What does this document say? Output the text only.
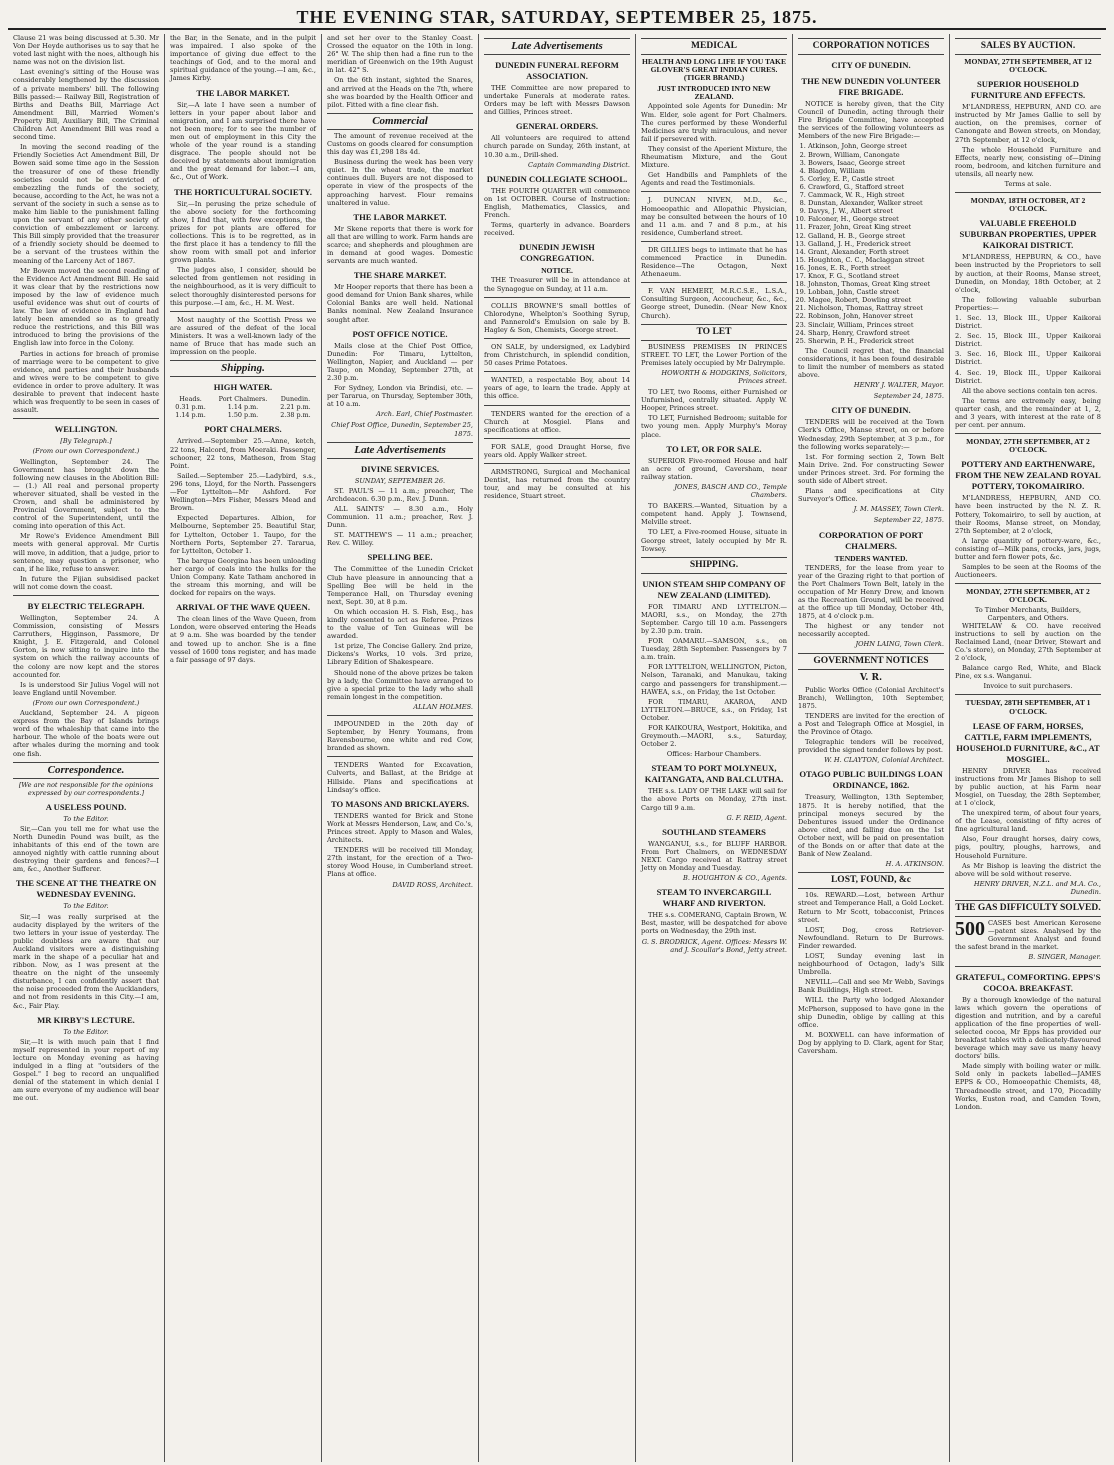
THE EVENING STAR, SATURDAY, SEPTEMBER 25, 1875.

Clause 21 was being discussed at 5.30. Mr Von Der Heyde authorises us to say that he voted last night with the noes, although his name was not on the division list.

Last evening's sitting of the House was considerably lengthened by the discussion of a private members' bill. The following Bills passed:— Railway Bill, Registration of Births and Deaths Bill, Marriage Act Amendment Bill, Married Women's Property Bill, Auxiliary Bill, The Criminal Children Act Amendment Bill was read a second time.

In moving the second reading of the Friendly Societies Act Amendment Bill, Dr Bowen said some time ago in the Session the treasurer of one of these friendly societies could not be convicted of embezzling the funds of the society, because, according to the Act, he was not a servant of the society in such a sense as to make him liable to the punishment falling upon the servant of any other society of conviction of embezzlement or larceny. This Bill simply provided that the treasurer of a friendly society should be deemed to be a servant of the trustees within the meaning of the Larceny Act of 1867.

Mr Bowen moved the second reading of the Evidence Act Amendment Bill. He said it was clear that by the restrictions now imposed by the law of evidence much useful evidence was shut out of courts of law. The law of evidence in England had lately been amended so as to greatly reduce the restrictions, and this Bill was introduced to bring the provisions of the English law into force in the Colony.

Parties in actions for breach of promise of marriage were to be competent to give evidence, and parties and their husbands and wives were to be competent to give evidence in order to prove adultery. It was desirable to prevent that indecent haste which was frequently to be seen in cases of assault.

WELLINGTON.
[By Telegraph.]
(From our own Correspondent.)

Wellington, September 24. The Government has brought down the following new clauses in the Abolition Bill:— (1.) All real and personal property wherever situated, shall be vested in the Crown, and shall be administered by Provincial Government, subject to the control of the Superintendent, until the coming into operation of this Act.

Mr Rowe's Evidence Amendment Bill meets with general approval. Mr Curtis will move, in addition, that a judge, prior to sentence, may question a prisoner, who can, if he like, refuse to answer.

In future the Fijian subsidised packet will not come down the coast.

BY ELECTRIC TELEGRAPH.

Wellington, September 24. A Commission, consisting of Messrs Carruthers, Higginson, Passmore, Dr Knight, J. E. Fitzgerald, and Colonel Gorton, is now sitting to inquire into the system on which the railway accounts of the colony are now kept and the stores accounted for.

Is is understood Sir Julius Vogel will not leave England until November.

(From our own Correspondent.)

Auckland, September 24. A pigeon express from the Bay of Islands brings word of the whaleship that came into the harbour. The whole of the boats were out after whales during the morning and took one fish.

Correspondence.
[We are not responsible for the opinions expressed by our correspondents.]
A USELESS POUND.
To the Editor.

Sir,—Can you tell me for what use the North Dunedin Pound was built, as the inhabitants of this end of the town are annoyed nightly with cattle running about destroying their gardens and fences?—I am, &c., Another Sufferer.

THE SCENE AT THE THEATRE ON WEDNESDAY EVENING.
To the Editor.

Sir,—I was really surprised at the audacity displayed by the writers of the two letters in your issue of yesterday. The public doubtless are aware that our Auckland visitors were a distinguishing mark in the shape of a peculiar hat and ribbon. Now, as I was present at the theatre on the night of the unseemly disturbance, I can confidently assert that the noise proceeded from the Aucklanders, and not from residents in this City.—I am, &c., Fair Play.

MR KIRBY'S LECTURE.
To the Editor.

Sir,—It is with much pain that I find myself represented in your report of my lecture on Monday evening as having indulged in a fling at "outsiders of the Gospel." I beg to record an unqualified denial of the statement in which denial I am sure everyone of my audience will bear me out.

the Bar, in the Senate, and in the pulpit was impaired. I also spoke of the importance of giving due effect to the teachings of God, and to the moral and spiritual guidance of the young.—I am, &c., James Kirby.

THE LABOR MARKET.

Sir,—A late I have seen a number of letters in your paper about labor and emigration, and I am surprised there have not been more; for to see the number of men out of employment in this City the whole of the year round is a standing disgrace. The people should not be deceived by statements about immigration and the great demand for labor.—I am, &c., Out of Work.

THE HORTICULTURAL SOCIETY.

Sir,—In perusing the prize schedule of the above society for the forthcoming show, I find that, with few exceptions, the prizes for pot plants are offered for collections. This is to be regretted, as in the first place it has a tendency to fill the show room with small pot and inferior grown plants.

The judges also, I consider, should be selected from gentlemen not residing in the neighbourhood, as it is very difficult to select thoroughly disinterested persons for this purpose.—I am, &c., H. M. West.

Most naughty of the Scottish Press we are assured of the defeat of the local Ministers. It was a well-known lady of the name of Bruce that has made such an impression on the people.

Shipping.
HIGH WATER.
Heads.	Port Chalmers.	Dunedin.
0.31 p.m.	1.14 p.m.	2.21 p.m.
1.14 p.m.	1.50 p.m.	2.38 p.m.
PORT CHALMERS.

Arrived.—September 25.—Anne, ketch, 22 tons, Halcord, from Moeraki. Passenger, schooner, 22 tons, Matheson, from Stag Point.

Sailed.—September 25.—Ladybird, s.s., 296 tons, Lloyd, for the North. Passengers—For Lyttelton—Mr Ashford. For Wellington—Mrs Fisher, Messrs Mead and Brown.

Expected Departures. Albion, for Melbourne, September 25. Beautiful Star, for Lyttelton, October 1. Taupo, for the Northern Ports, September 27. Tararua, for Lyttelton, October 1.

The barque Georgina has been unloading her cargo of coals into the hulks for the Union Company. Kate Tatham anchored in the stream this morning, and will be docked for repairs on the ways.

ARRIVAL OF THE WAVE QUEEN.

The clean lines of the Wave Queen, from London, were observed entering the Heads at 9 a.m. She was boarded by the tender and towed up to anchor. She is a fine vessel of 1600 tons register, and has made a fair passage of 97 days.

and set her over to the Stanley Coast. Crossed the equator on the 10th in long. 26° W. The ship then had a fine run to the meridian of Greenwich on the 19th August in lat. 42° S.

On the 6th instant, sighted the Snares, and arrived at the Heads on the 7th, where she was boarded by the Health Officer and pilot. Fitted with a fine clear fish.

Commercial

The amount of revenue received at the Customs on goods cleared for consumption this day was £1,298 18s 4d.

Business during the week has been very quiet. In the wheat trade, the market continues dull. Buyers are not disposed to operate in view of the prospects of the approaching harvest. Flour remains unaltered in value.

THE LABOR MARKET.

Mr Skene reports that there is work for all that are willing to work. Farm hands are scarce; and shepherds and ploughmen are in demand at good wages. Domestic servants are much wanted.

THE SHARE MARKET.

Mr Hooper reports that there has been a good demand for Union Bank shares, while Colonial Banks are well held. National Banks nominal. New Zealand Insurance sought after.

POST OFFICE NOTICE.

Mails close at the Chief Post Office, Dunedin: For Timaru, Lyttelton, Wellington, Napier, and Auckland — per Taupo, on Monday, September 27th, at 2.30 p.m.

For Sydney, London via Brindisi, etc. — per Tararua, on Thursday, September 30th, at 10 a.m.

Arch. Earl, Chief Postmaster.
Chief Post Office, Dunedin, September 25, 1875.
Late Advertisements
DIVINE SERVICES.
SUNDAY, SEPTEMBER 26.

ST. PAUL'S — 11 a.m.; preacher, The Archdeacon. 6.30 p.m., Rev. J. Dunn.

ALL SAINTS' — 8.30 a.m., Holy Communion. 11 a.m.; preacher, Rev. J. Dunn.

ST. MATTHEW'S — 11 a.m.; preacher, Rev. C. Willey.

SPELLING BEE.

The Committee of the Lunedin Cricket Club have pleasure in announcing that a Spelling Bee will be held in the Temperance Hall, on Thursday evening next, Sept. 30, at 8 p.m.

On which occasion H. S. Fish, Esq., has kindly consented to act as Referee. Prizes to the value of Ten Guineas will be awarded.

1st prize, The Concise Gallery. 2nd prize, Dickens's Works, 10 vols. 3rd prize, Library Edition of Shakespeare.

Should none of the above prizes be taken by a lady, the Committee have arranged to give a special prize to the lady who shall remain longest in the competition.

ALLAN HOLMES.

IMPOUNDED in the 20th day of September, by Henry Youmans, from Ravensbourne, one white and red Cow, branded as shown.

TENDERS Wanted for Excavation, Culverts, and Ballast, at the Bridge at Hillside. Plans and specifications at Lindsay's office.

TO MASONS AND BRICKLAYERS.

TENDERS wanted for Brick and Stone Work at Messrs Henderson, Law, and Co.'s, Princes street. Apply to Mason and Wales, Architects.

TENDERS will be received till Monday, 27th instant, for the erection of a Two-storey Wood House, in Cumberland street. Plans at office.

DAVID ROSS, Architect.
Late Advertisements
DUNEDIN FUNERAL REFORM ASSOCIATION.

THE Committee are now prepared to undertake Funerals at moderate rates. Orders may be left with Messrs Dawson and Gillies, Princes street.

GENERAL ORDERS.

All volunteers are required to attend church parade on Sunday, 26th instant, at 10.30 a.m., Drill-shed.

Captain Commanding District.
DUNEDIN COLLEGIATE SCHOOL.

THE FOURTH QUARTER will commence on 1st OCTOBER. Course of Instruction: English, Mathematics, Classics, and French.

Terms, quarterly in advance. Boarders received.

DUNEDIN JEWISH CONGREGATION.
NOTICE.

THE Treasurer will be in attendance at the Synagogue on Sunday, at 11 a.m.

COLLIS BROWNE'S small bottles of Chlorodyne, Whelpton's Soothing Syrup, and Pannerold's Emulsion on sale by B. Hagley & Son, Chemists, George street.

ON SALE, by undersigned, ex Ladybird from Christchurch, in splendid condition, 50 cases Prime Potatoes.

WANTED, a respectable Boy, about 14 years of age, to learn the trade. Apply at this office.

TENDERS wanted for the erection of a Church at Mosgiel. Plans and specifications at office.

FOR SALE, good Draught Horse, five years old. Apply Walker street.

ARMSTRONG, Surgical and Mechanical Dentist, has returned from the country tour, and may be consulted at his residence, Stuart street.

MEDICAL
HEALTH AND LONG LIFE IF YOU TAKE GLOVER'S GREAT INDIAN CURES. (TIGER BRAND.)
JUST INTRODUCED INTO NEW ZEALAND.

Appointed sole Agents for Dunedin: Mr Wm. Elder, sole agent for Port Chalmers. The cures performed by these Wonderful Medicines are truly miraculous, and never fail if persevered with.

They consist of the Aperient Mixture, the Rheumatism Mixture, and the Gout Mixture.

Get Handbills and Pamphlets of the Agents and read the Testimonials.

J. DUNCAN NIVEN, M.D., &c., Homoeopathic and Allopathic Physician, may be consulted between the hours of 10 and 11 a.m. and 7 and 8 p.m., at his residence, Cumberland street.

DR GILLIES begs to intimate that he has commenced Practice in Dunedin. Residence—The Octagon, Next Athenaeum.

F. VAN HEMERT, M.R.C.S.E., L.S.A., Consulting Surgeon, Accoucheur, &c., &c., George street, Dunedin. (Near New Knox Church).

TO LET

BUSINESS PREMISES IN PRINCES STREET. TO LET, the Lower Portion of the Premises lately occupied by Mr Dalrymple.

HOWORTH & HODGKINS, Solicitors, Princes street.

TO LET, two Rooms, either Furnished or Unfurnished, centrally situated. Apply W. Hooper, Princes street.

TO LET, Furnished Bedroom; suitable for two young men. Apply Murphy's Moray place.

TO LET, OR FOR SALE.

SUPERIOR Five-roomed House and half an acre of ground, Caversham, near railway station.

JONES, BASCH AND CO., Temple Chambers.

TO BAKERS.—Wanted, Situation by a competent hand. Apply J. Townsend, Melville street.

TO LET, a Five-roomed House, situate in George street, lately occupied by Mr R. Towsey.

SHIPPING.
UNION STEAM SHIP COMPANY OF NEW ZEALAND (LIMITED).

FOR TIMARU AND LYTTELTON.—MAORI, s.s., on Monday, the 27th September. Cargo till 10 a.m. Passengers by 2.30 p.m. train.

FOR OAMARU.—SAMSON, s.s., on Tuesday, 28th September. Passengers by 7 a.m. train.

FOR LYTTELTON, WELLINGTON, Picton, Nelson, Taranaki, and Manukau, taking cargo and passengers for transhipment.—HAWEA, s.s., on Friday, the 1st October.

FOR TIMARU, AKAROA, AND LYTTELTON.—BRUCE, s.s., on Friday, 1st October.

FOR KAIKOURA, Westport, Hokitika, and Greymouth.—MAORI, s.s., Saturday, October 2.

Offices: Harbour Chambers.
STEAM TO PORT MOLYNEUX, KAITANGATA, AND BALCLUTHA.

THE s.s. LADY OF THE LAKE will sail for the above Ports on Monday, 27th inst. Cargo till 9 a.m.

G. F. REID, Agent.
SOUTHLAND STEAMERS

WANGANUI, s.s., for BLUFF HARBOR. From Port Chalmers, on WEDNESDAY NEXT. Cargo received at Rattray street Jetty on Monday and Tuesday.

B. HOUGHTON & CO., Agents.
STEAM TO INVERCARGILL WHARF AND RIVERTON.

THE s.s. COMERANG, Captain Brown, W. Best, master, will be despatched for above ports on Wednesday, the 29th inst.

G. S. BRODRICK, Agent. Offices: Messrs W. and J. Scoullar's Bond, Jetty street.
CORPORATION NOTICES
CITY OF DUNEDIN.
THE NEW DUNEDIN VOLUNTEER FIRE BRIGADE.

NOTICE is hereby given, that the City Council of Dunedin, acting through their Fire Brigade Committee, have accepted the services of the following volunteers as Members of the new Fire Brigade:—

1. Atkinson, John, George street
2. Brown, William, Canongate
3. Bowers, Isaac, George street
4. Blagdon, William
5. Corley, E. P., Castle street
6. Crawford, G., Stafford street
7. Cammack, W. R., High street
8. Dunstan, Alexander, Walker street
9. Davys, J. W., Albert street
10. Falconer, H., George street
11. Frazer, John, Great King street
12. Galland, H. B., George street
13. Galland, J. H., Frederick street
14. Grant, Alexander, Forth street
15. Houghton, C. C., Maclaggan street
16. Jones, E. R., Forth street
17. Knox, F. G., Scotland street
18. Johnston, Thomas, Great King street
19. Lobban, John, Castle street
20. Magee, Robert, Dowling street
21. Nicholson, Thomas, Rattray street
22. Robinson, John, Hanover street
23. Sinclair, William, Princes street
24. Sharp, Henry, Crawford street
25. Sherwin, P. H., Frederick street

The Council regret that, the financial considerations, it has been found desirable to limit the number of members as stated above.

HENRY J. WALTER, Mayor.
September 24, 1875.
CITY OF DUNEDIN.

TENDERS will be received at the Town Clerk's Office, Manse street, on or before Wednesday, 29th September, at 3 p.m., for the following works separately:—

1st. For forming section 2, Town Belt Main Drive. 2nd. For constructing Sewer under Princes street. 3rd. For forming the south side of Albert street.

Plans and specifications at City Surveyor's Office.

J. M. MASSEY, Town Clerk.
September 22, 1875.
CORPORATION OF PORT CHALMERS.
TENDERS WANTED.

TENDERS, for the lease from year to year of the Grazing right to that portion of the Port Chalmers Town Belt, lately in the occupation of Mr Henry Drew, and known as the Recreation Ground, will be received at the office up till Monday, October 4th, 1875, at 4 o'clock p.m.

The highest or any tender not necessarily accepted.

JOHN LAING, Town Clerk.
GOVERNMENT NOTICES
V. R.

Public Works Office (Colonial Architect's Branch), Wellington, 10th September, 1875.

TENDERS are invited for the erection of a Post and Telegraph Office at Mosgiel, in the Province of Otago.

Telegraphic tenders will be received, provided the signed tender follows by post.

W. H. CLAYTON, Colonial Architect.
OTAGO PUBLIC BUILDINGS LOAN ORDINANCE, 1862.

Treasury, Wellington, 13th September, 1875. It is hereby notified, that the principal moneys secured by the Debentures issued under the Ordinance above cited, and falling due on the 1st October next, will be paid on presentation of the Bonds on or after that date at the Bank of New Zealand.

H. A. ATKINSON.
LOST, FOUND, &c

10s. REWARD.—Lost, between Arthur street and Temperance Hall, a Gold Locket. Return to Mr Scott, tobacconist, Princes street.

LOST, Dog, cross Retriever-Newfoundland. Return to Dr Burrows. Finder rewarded.

LOST, Sunday evening last in neighbourhood of Octagon, lady's Silk Umbrella.

NEVILL—Call and see Mr Webb, Savings Bank Buildings, High street.

WILL the Party who lodged Alexander McPherson, supposed to have gone in the ship Dunedin, oblige by calling at this office.

M. BOXWELL can have information of Dog by applying to D. Clark, agent for Star, Caversham.

SALES BY AUCTION.
MONDAY, 27TH SEPTEMBER, AT 12 O'CLOCK.
SUPERIOR HOUSEHOLD FURNITURE AND EFFECTS.

M'LANDRESS, HEPBURN, AND CO. are instructed by Mr James Gallie to sell by auction, on the premises, corner of Canongate and Bowen streets, on Monday, 27th September, at 12 o'clock,

The whole Household Furniture and Effects, nearly new, consisting of—Dining room, bedroom, and kitchen furniture and utensils, all nearly new.

Terms at sale.
MONDAY, 18TH OCTOBER, AT 2 O'CLOCK.
VALUABLE FREEHOLD SUBURBAN PROPERTIES, UPPER KAIKORAI DISTRICT.

M'LANDRESS, HEPBURN, & CO., have been instructed by the Proprietors to sell by auction, at their Rooms, Manse street, Dunedin, on Monday, 18th October, at 2 o'clock,

The following valuable suburban Properties:—

1. Sec. 13, Block III., Upper Kaikorai District.

2. Sec. 15, Block III., Upper Kaikorai District.

3. Sec. 16, Block III., Upper Kaikorai District.

4. Sec. 19, Block III., Upper Kaikorai District.

All the above sections contain ten acres.

The terms are extremely easy, being quarter cash, and the remainder at 1, 2, and 3 years, with interest at the rate of 8 per cent. per annum.

MONDAY, 27TH SEPTEMBER, AT 2 O'CLOCK.
POTTERY AND EARTHENWARE, FROM THE NEW ZEALAND ROYAL POTTERY, TOKOMAIRIRO.

M'LANDRESS, HEPBURN, AND CO. have been instructed by the N. Z. R. Pottery, Tokomairiro, to sell by auction, at their Rooms, Manse street, on Monday, 27th September, at 2 o'clock,

A large quantity of pottery-ware, &c., consisting of—Milk pans, crocks, jars, jugs, butter and fern flower pots, &c.

Samples to be seen at the Rooms of the Auctioneers.

MONDAY, 27TH SEPTEMBER, AT 2 O'CLOCK.
To Timber Merchants, Builders, Carpenters, and Others.

WHITELAW & CO. have received instructions to sell by auction on the Reclaimed Land, (near Driver, Stewart and Co.'s store), on Monday, 27th September at 2 o'clock,

Balance cargo Red, White, and Black Pine, ex s.s. Wanganui.

Invoice to suit purchasers.
TUESDAY, 28TH SEPTEMBER, AT 1 O'CLOCK.
LEASE OF FARM, HORSES, CATTLE, FARM IMPLEMENTS, HOUSEHOLD FURNITURE, &C., AT MOSGIEL.

HENRY DRIVER has received instructions from Mr James Bishop to sell by public auction, at his Farm near Mosgiel, on Tuesday, the 28th September, at 1 o'clock,

The unexpired term, of about four years, of the Lease, consisting of fifty acres of fine agricultural land.

Also, Four draught horses, dairy cows, pigs, poultry, ploughs, harrows, and Household Furniture.

As Mr Bishop is leaving the district the above will be sold without reserve.

HENRY DRIVER, N.Z.L. and M.A. Co., Dunedin.
THE GAS DIFFICULTY SOLVED.
500 CASES best American Kerosene—patent sizes. Analysed by the Government Analyst and found the safest brand in the market.

B. SINGER, Manager.
GRATEFUL, COMFORTING. EPPS'S COCOA. BREAKFAST.

By a thorough knowledge of the natural laws which govern the operations of digestion and nutrition, and by a careful application of the fine properties of well-selected cocoa, Mr Epps has provided our breakfast tables with a delicately-flavoured beverage which may save us many heavy doctors' bills.

Made simply with boiling water or milk. Sold only in packets labelled—JAMES EPPS & CO., Homoeopathic Chemists, 48, Threadneedle street, and 170, Piccadilly Works, Euston road, and Camden Town, London.
